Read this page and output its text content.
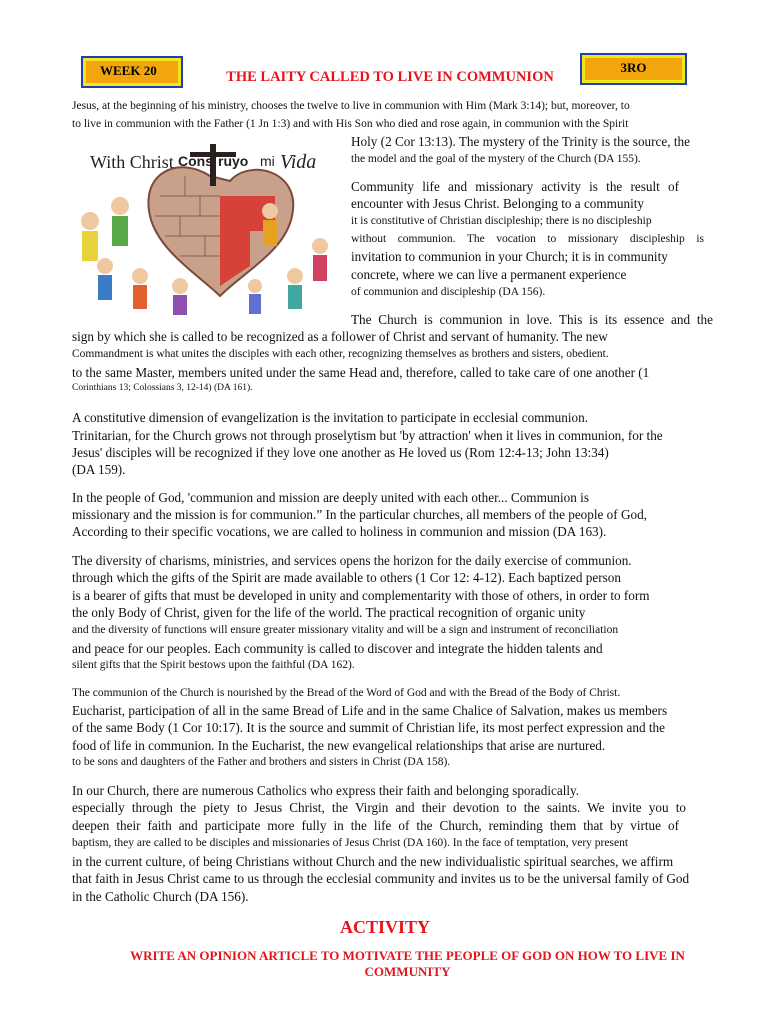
WEEK 20	3RO
THE LAITY CALLED TO LIVE IN COMMUNION
With Christ Cons ruyo mi Vida
Jesus, at the beginning of his ministry, chooses the twelve to live in communion with Him (Mark 3:14); but, moreover, to
to live in communion with the Father (1 Jn 1:3) and with His Son who died and rose again, in communion with the Spirit
Holy (2 Cor 13:13). The mystery of the Trinity is the source, the
the model and the goal of the mystery of the Church (DA 155).
Community life and missionary activity is the result of
encounter with Jesus Christ. Belonging to a community
it is constitutive of Christian discipleship; there is no discipleship
without communion. The vocation to missionary discipleship is
invitation to communion in your Church; it is in community
concrete, where we can live a permanent experience
of communion and discipleship (DA 156).
The Church is communion in love. This is its essence and the
sign by which she is called to be recognized as a follower of Christ and servant of humanity. The new
Commandment is what unites the disciples with each other, recognizing themselves as brothers and sisters, obedient.
to the same Master, members united under the same Head and, therefore, called to take care of one another (1
Corinthians 13; Colossians 3, 12-14) (DA 161).
A constitutive dimension of evangelization is the invitation to participate in ecclesial communion.
Trinitarian, for the Church grows not through proselytism but 'by attraction' when it lives in communion, for the
Jesus' disciples will be recognized if they love one another as He loved us (Rom 12:4-13; John 13:34)
(DA 159).
In the people of God, 'communion and mission are deeply united with each other... Communion is
missionary and the mission is for communion.” In the particular churches, all members of the people of God,
According to their specific vocations, we are called to holiness in communion and mission (DA 163).
The diversity of charisms, ministries, and services opens the horizon for the daily exercise of communion.
through which the gifts of the Spirit are made available to others (1 Cor 12: 4-12). Each baptized person
is a bearer of gifts that must be developed in unity and complementarity with those of others, in order to form
the only Body of Christ, given for the life of the world. The practical recognition of organic unity
and the diversity of functions will ensure greater missionary vitality and will be a sign and instrument of reconciliation
and peace for our peoples. Each community is called to discover and integrate the hidden talents and
silent gifts that the Spirit bestows upon the faithful (DA 162).
The communion of the Church is nourished by the Bread of the Word of God and with the Bread of the Body of Christ.
Eucharist, participation of all in the same Bread of Life and in the same Chalice of Salvation, makes us members
of the same Body (1 Cor 10:17). It is the source and summit of Christian life, its most perfect expression and the
food of life in communion. In the Eucharist, the new evangelical relationships that arise are nurtured.
to be sons and daughters of the Father and brothers and sisters in Christ (DA 158).
In our Church, there are numerous Catholics who express their faith and belonging sporadically.
especially through the piety to Jesus Christ, the Virgin and their devotion to the saints. We invite you to
deepen their faith and participate more fully in the life of the Church, reminding them that by virtue of
baptism, they are called to be disciples and missionaries of Jesus Christ (DA 160). In the face of temptation, very present
in the current culture, of being Christians without Church and the new individualistic spiritual searches, we affirm
that faith in Jesus Christ came to us through the ecclesial community and invites us to be the universal family of God
in the Catholic Church (DA 156).
ACTIVITY
WRITE AN OPINION ARTICLE TO MOTIVATE THE PEOPLE OF GOD ON HOW TO LIVE IN COMMUNITY
